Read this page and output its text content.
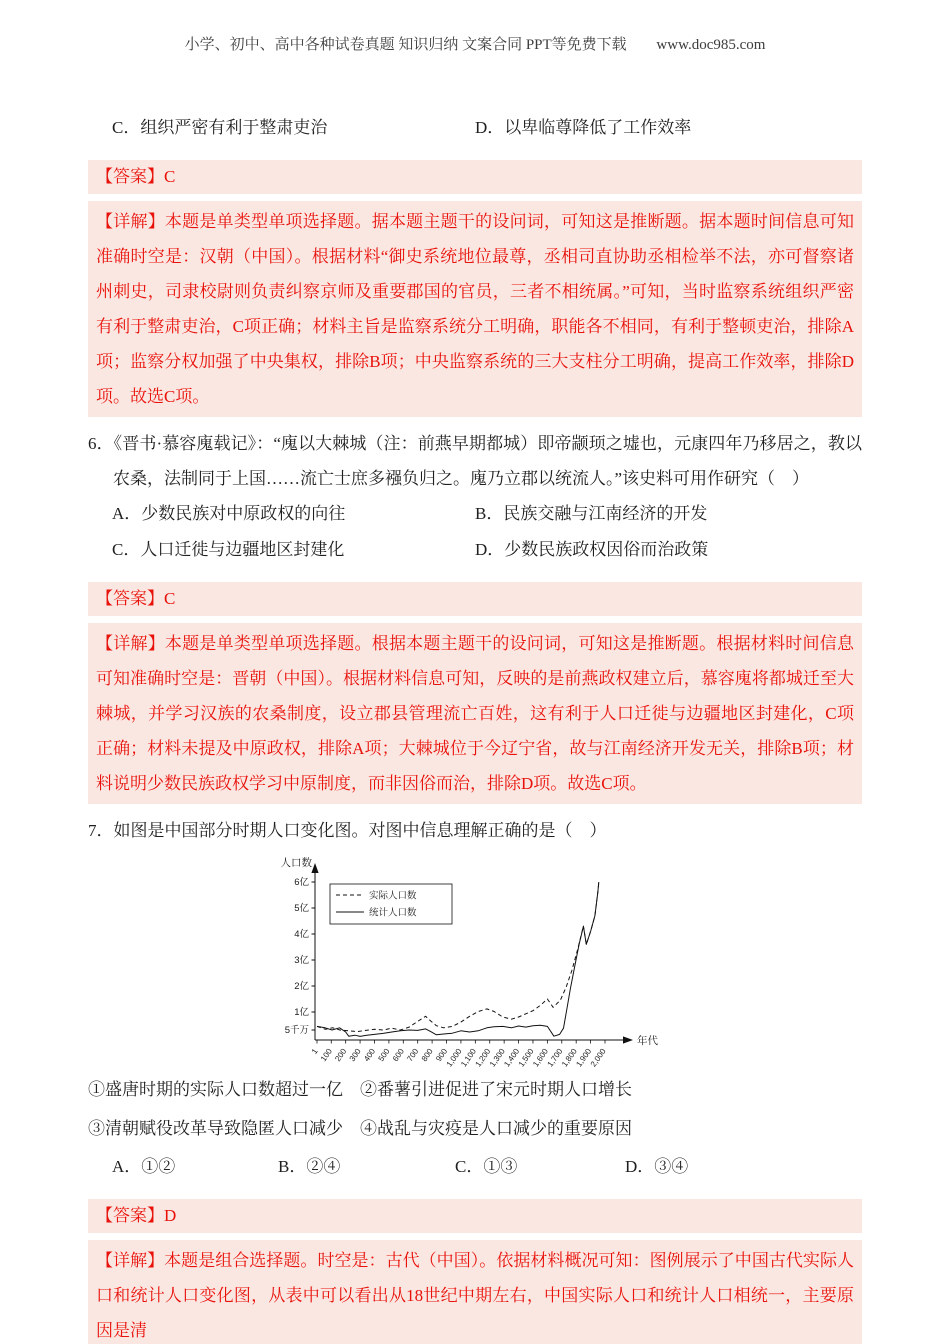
小学、初中、高中各种试卷真题 知识归纳 文案合同 PPT等免费下载 www.doc985.com
C．组织严密有利于整肃吏治	D．以卑临尊降低了工作效率
【答案】C
【详解】本题是单类型单项选择题。据本题主题干的设问词，可知这是推断题。据本题时间信息可知准确时空是：汉朝（中国）。根据材料“御史系统地位最尊，丞相司直协助丞相检举不法，亦可督察诸州刺史，司隶校尉则负责纠察京师及重要郡国的官员，三者不相统属。”可知，当时监察系统组织严密有利于整肃吏治，C项正确；材料主旨是监察系统分工明确，职能各不相同，有利于整顿吏治，排除A项；监察分权加强了中央集权，排除B项；中央监察系统的三大支柱分工明确，提高工作效率，排除D项。故选C项。

6．《晋书·慕容廆载记》：“廆以大棘城（注：前燕早期都城）即帝颛顼之墟也，元康四年乃移居之，教以农桑，法制同于上国……流亡士庶多襁负归之。廆乃立郡以统流人。”该史料可用作研究（　）

A．少数民族对中原政权的向往	B．民族交融与江南经济的开发
C．人口迁徙与边疆地区封建化	D．少数民族政权因俗而治政策
【答案】C
【详解】本题是单类型单项选择题。根据本题主题干的设问词，可知这是推断题。根据材料时间信息可知准确时空是：晋朝（中国）。根据材料信息可知，反映的是前燕政权建立后，慕容廆将都城迁至大棘城，并学习汉族的农桑制度，设立郡县管理流亡百姓，这有利于人口迁徙与边疆地区封建化，C项正确；材料未提及中原政权，排除A项；大棘城位于今辽宁省，故与江南经济开发无关，排除B项；材料说明少数民族政权学习中原制度，而非因俗而治，排除D项。故选C项。

7．如图是中国部分时期人口变化图。对图中信息理解正确的是（　）

人口数
年代
6亿
5亿
4亿
3亿
2亿
1亿
5千万
1 100 200 300 400 500 600 700 800 900
1,000
1,100
1,200
1,300
1,400
1,500
1,600
1,700
1,800
1,900
2,000
实际人口数
统计人口数

①盛唐时期的实际人口数超过一亿　②番薯引进促进了宋元时期人口增长

③清朝赋役改革导致隐匿人口减少　④战乱与灾疫是人口减少的重要原因

A．①②	B．②④	C．①③	D．③④
【答案】D
【详解】本题是组合选择题。时空是：古代（中国）。依据材料概况可知：图例展示了中国古代实际人口和统计人口变化图，从表中可以看出从18世纪中期左右，中国实际人口和统计人口相统一，主要原因是清
